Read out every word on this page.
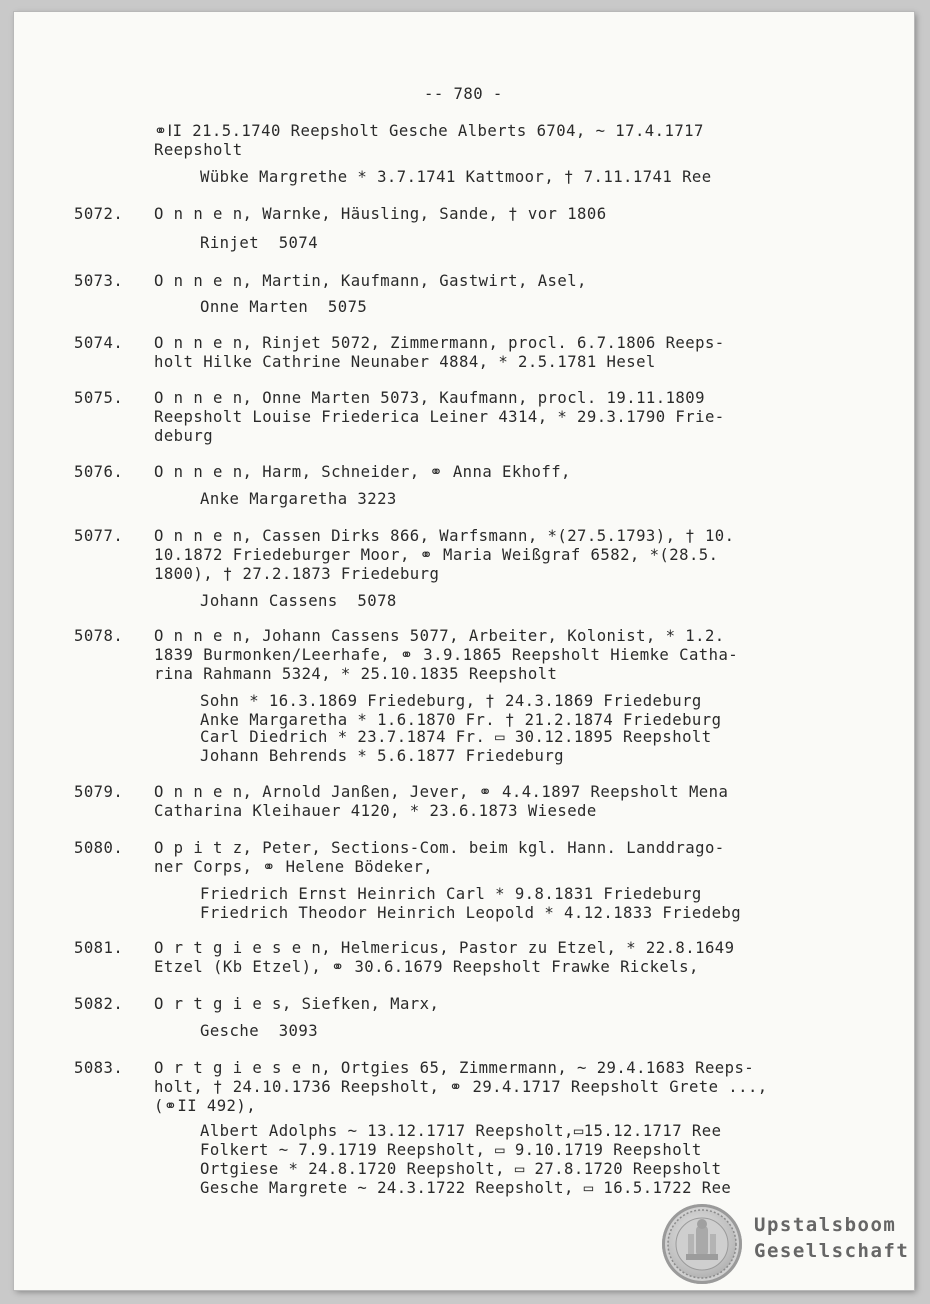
-- 780 -
⚭ⅠI 21.5.1740 Reepsholt Gesche Alberts 6704, ~ 17.4.1717
Reepsholt
Wübke Margrethe * 3.7.1741 Kattmoor, † 7.11.1741 Ree
5072. O n n e n, Warnke, Häusling, Sande, † vor 1806
Rinjet  5074
5073. O n n e n, Martin, Kaufmann, Gastwirt, Asel,
Onne Marten  5075
5074. O n n e n, Rinjet 5072, Zimmermann, procl. 6.7.1806 Reeps-
holt Hilke Cathrine Neunaber 4884, * 2.5.1781 Hesel
5075. O n n e n, Onne Marten 5073, Kaufmann, procl. 19.11.1809
Reepsholt Louise Friederica Leiner 4314, * 29.3.1790 Frie-
deburg
5076. O n n e n, Harm, Schneider, ⚭ Anna Ekhoff,
Anke Margaretha 3223
5077. O n n e n, Cassen Dirks 866, Warfsmann, *(27.5.1793), † 10.
10.1872 Friedeburger Moor, ⚭ Maria Weißgraf 6582, *(28.5.
1800), † 27.2.1873 Friedeburg
Johann Cassens  5078
5078. O n n e n, Johann Cassens 5077, Arbeiter, Kolonist, * 1.2.
1839 Burmonken/Leerhafe, ⚭ 3.9.1865 Reepsholt Hiemke Catha-
rina Rahmann 5324, * 25.10.1835 Reepsholt
Sohn * 16.3.1869 Friedeburg, † 24.3.1869 Friedeburg
Anke Margaretha * 1.6.1870 Fr. † 21.2.1874 Friedeburg
Carl Diedrich * 23.7.1874 Fr. ▭ 30.12.1895 Reepsholt
Johann Behrends * 5.6.1877 Friedeburg
5079. O n n e n, Arnold Janßen, Jever, ⚭ 4.4.1897 Reepsholt Mena
Catharina Kleihauer 4120, * 23.6.1873 Wiesede
5080. O p i t z, Peter, Sections-Com. beim kgl. Hann. Landdrago-
ner Corps, ⚭ Helene Bödeker,
Friedrich Ernst Heinrich Carl * 9.8.1831 Friedeburg
Friedrich Theodor Heinrich Leopold * 4.12.1833 Friedebg
5081. O r t g i e s e n, Helmericus, Pastor zu Etzel, * 22.8.1649
Etzel (Kb Etzel), ⚭ 30.6.1679 Reepsholt Frawke Rickels,
5082. O r t g i e s, Siefken, Marx,
Gesche  3093
5083. O r t g i e s e n, Ortgies 65, Zimmermann, ~ 29.4.1683 Reeps-
holt, † 24.10.1736 Reepsholt, ⚭ 29.4.1717 Reepsholt Grete ...,
(⚭II 492),
Albert Adolphs ~ 13.12.1717 Reepsholt,▭15.12.1717 Ree
Folkert ~ 7.9.1719 Reepsholt, ▭ 9.10.1719 Reepsholt
Ortgiese * 24.8.1720 Reepsholt, ▭ 27.8.1720 Reepsholt
Gesche Margrete ~ 24.3.1722 Reepsholt, ▭ 16.5.1722 Ree
Upstalsboom
Gesellschaft
